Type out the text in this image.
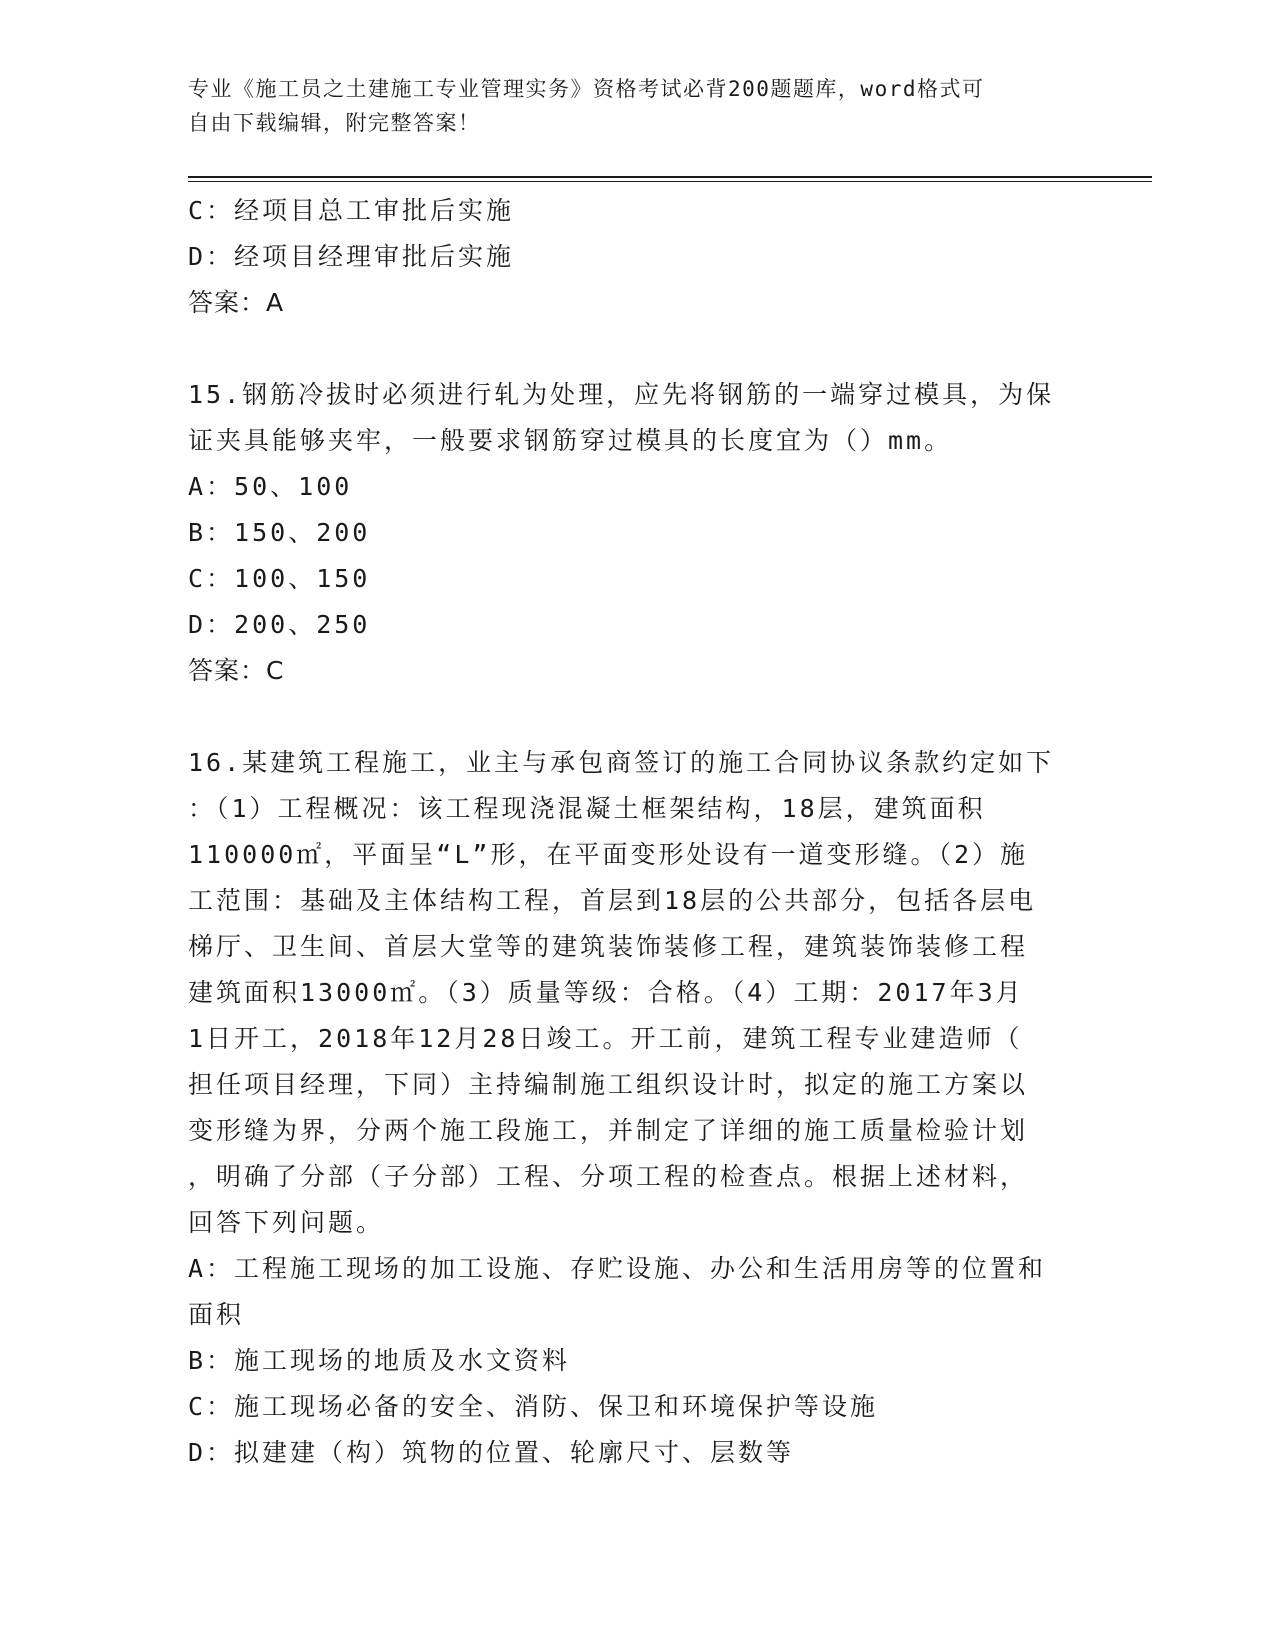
专业《施工员之土建施工专业管理实务》资格考试必背200题题库，word格式可
自由下载编辑，附完整答案！
C：经项目总工审批后实施
D：经项目经理审批后实施
答案：A
15.钢筋冷拔时必须进行轧为处理，应先将钢筋的一端穿过模具，为保
证夹具能够夹牢，一般要求钢筋穿过模具的长度宜为（）mm。
A：50、100
B：150、200
C：100、150
D：200、250
答案：C
16.某建筑工程施工，业主与承包商签订的施工合同协议条款约定如下
：（1）工程概况：该工程现浇混凝土框架结构，18层，建筑面积
110000㎡，平面呈“L”形，在平面变形处设有一道变形缝。（2）施
工范围：基础及主体结构工程，首层到18层的公共部分，包括各层电
梯厅、卫生间、首层大堂等的建筑装饰装修工程，建筑装饰装修工程
建筑面积13000㎡。（3）质量等级：合格。（4）工期：2017年3月
1日开工，2018年12月28日竣工。开工前，建筑工程专业建造师（
担任项目经理，下同）主持编制施工组织设计时，拟定的施工方案以
变形缝为界，分两个施工段施工，并制定了详细的施工质量检验计划
，明确了分部（子分部）工程、分项工程的检查点。根据上述材料，
回答下列问题。
A：工程施工现场的加工设施、存贮设施、办公和生活用房等的位置和
面积
B：施工现场的地质及水文资料
C：施工现场必备的安全、消防、保卫和环境保护等设施
D：拟建建（构）筑物的位置、轮廓尺寸、层数等
